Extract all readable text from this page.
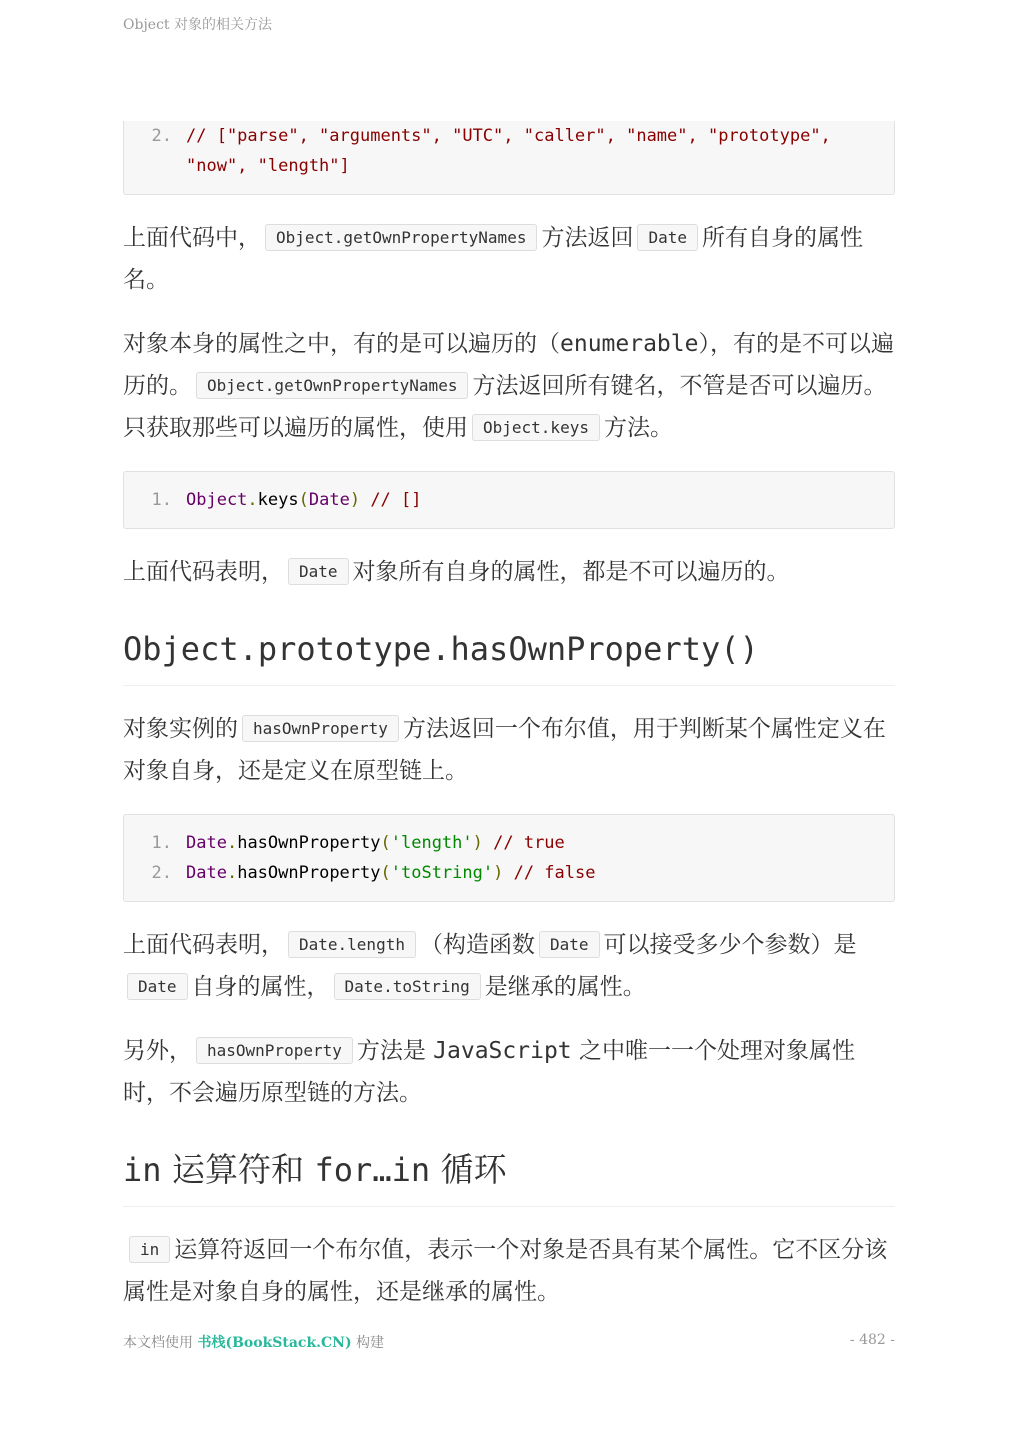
Object 对象的相关方法
2. // ["parse", "arguments", "UTC", "caller", "name", "prototype", "now", "length"]

上面代码中， Object.getOwnPropertyNames 方法返回 Date 所有自身的属性名。

对象本身的属性之中，有的是可以遍历的（enumerable），有的是不可以遍历的。 Object.getOwnPropertyNames 方法返回所有键名，不管是否可以遍历。只获取那些可以遍历的属性，使用 Object.keys 方法。

1. Object.keys(Date) // []

上面代码表明， Date 对象所有自身的属性，都是不可以遍历的。

Object.prototype.hasOwnProperty()

对象实例的 hasOwnProperty 方法返回一个布尔值，用于判断某个属性定义在对象自身，还是定义在原型链上。

1. Date.hasOwnProperty('length') // true
2. Date.hasOwnProperty('toString') // false

上面代码表明， Date.length （构造函数 Date 可以接受多少个参数）是Date 自身的属性， Date.toString 是继承的属性。

另外， hasOwnProperty 方法是 JavaScript 之中唯一一个处理对象属性时，不会遍历原型链的方法。

in 运算符和 for…in 循环

in 运算符返回一个布尔值，表示一个对象是否具有某个属性。它不区分该属性是对象自身的属性，还是继承的属性。

本文档使用 书栈(BookStack.CN) 构建	- 482 -
